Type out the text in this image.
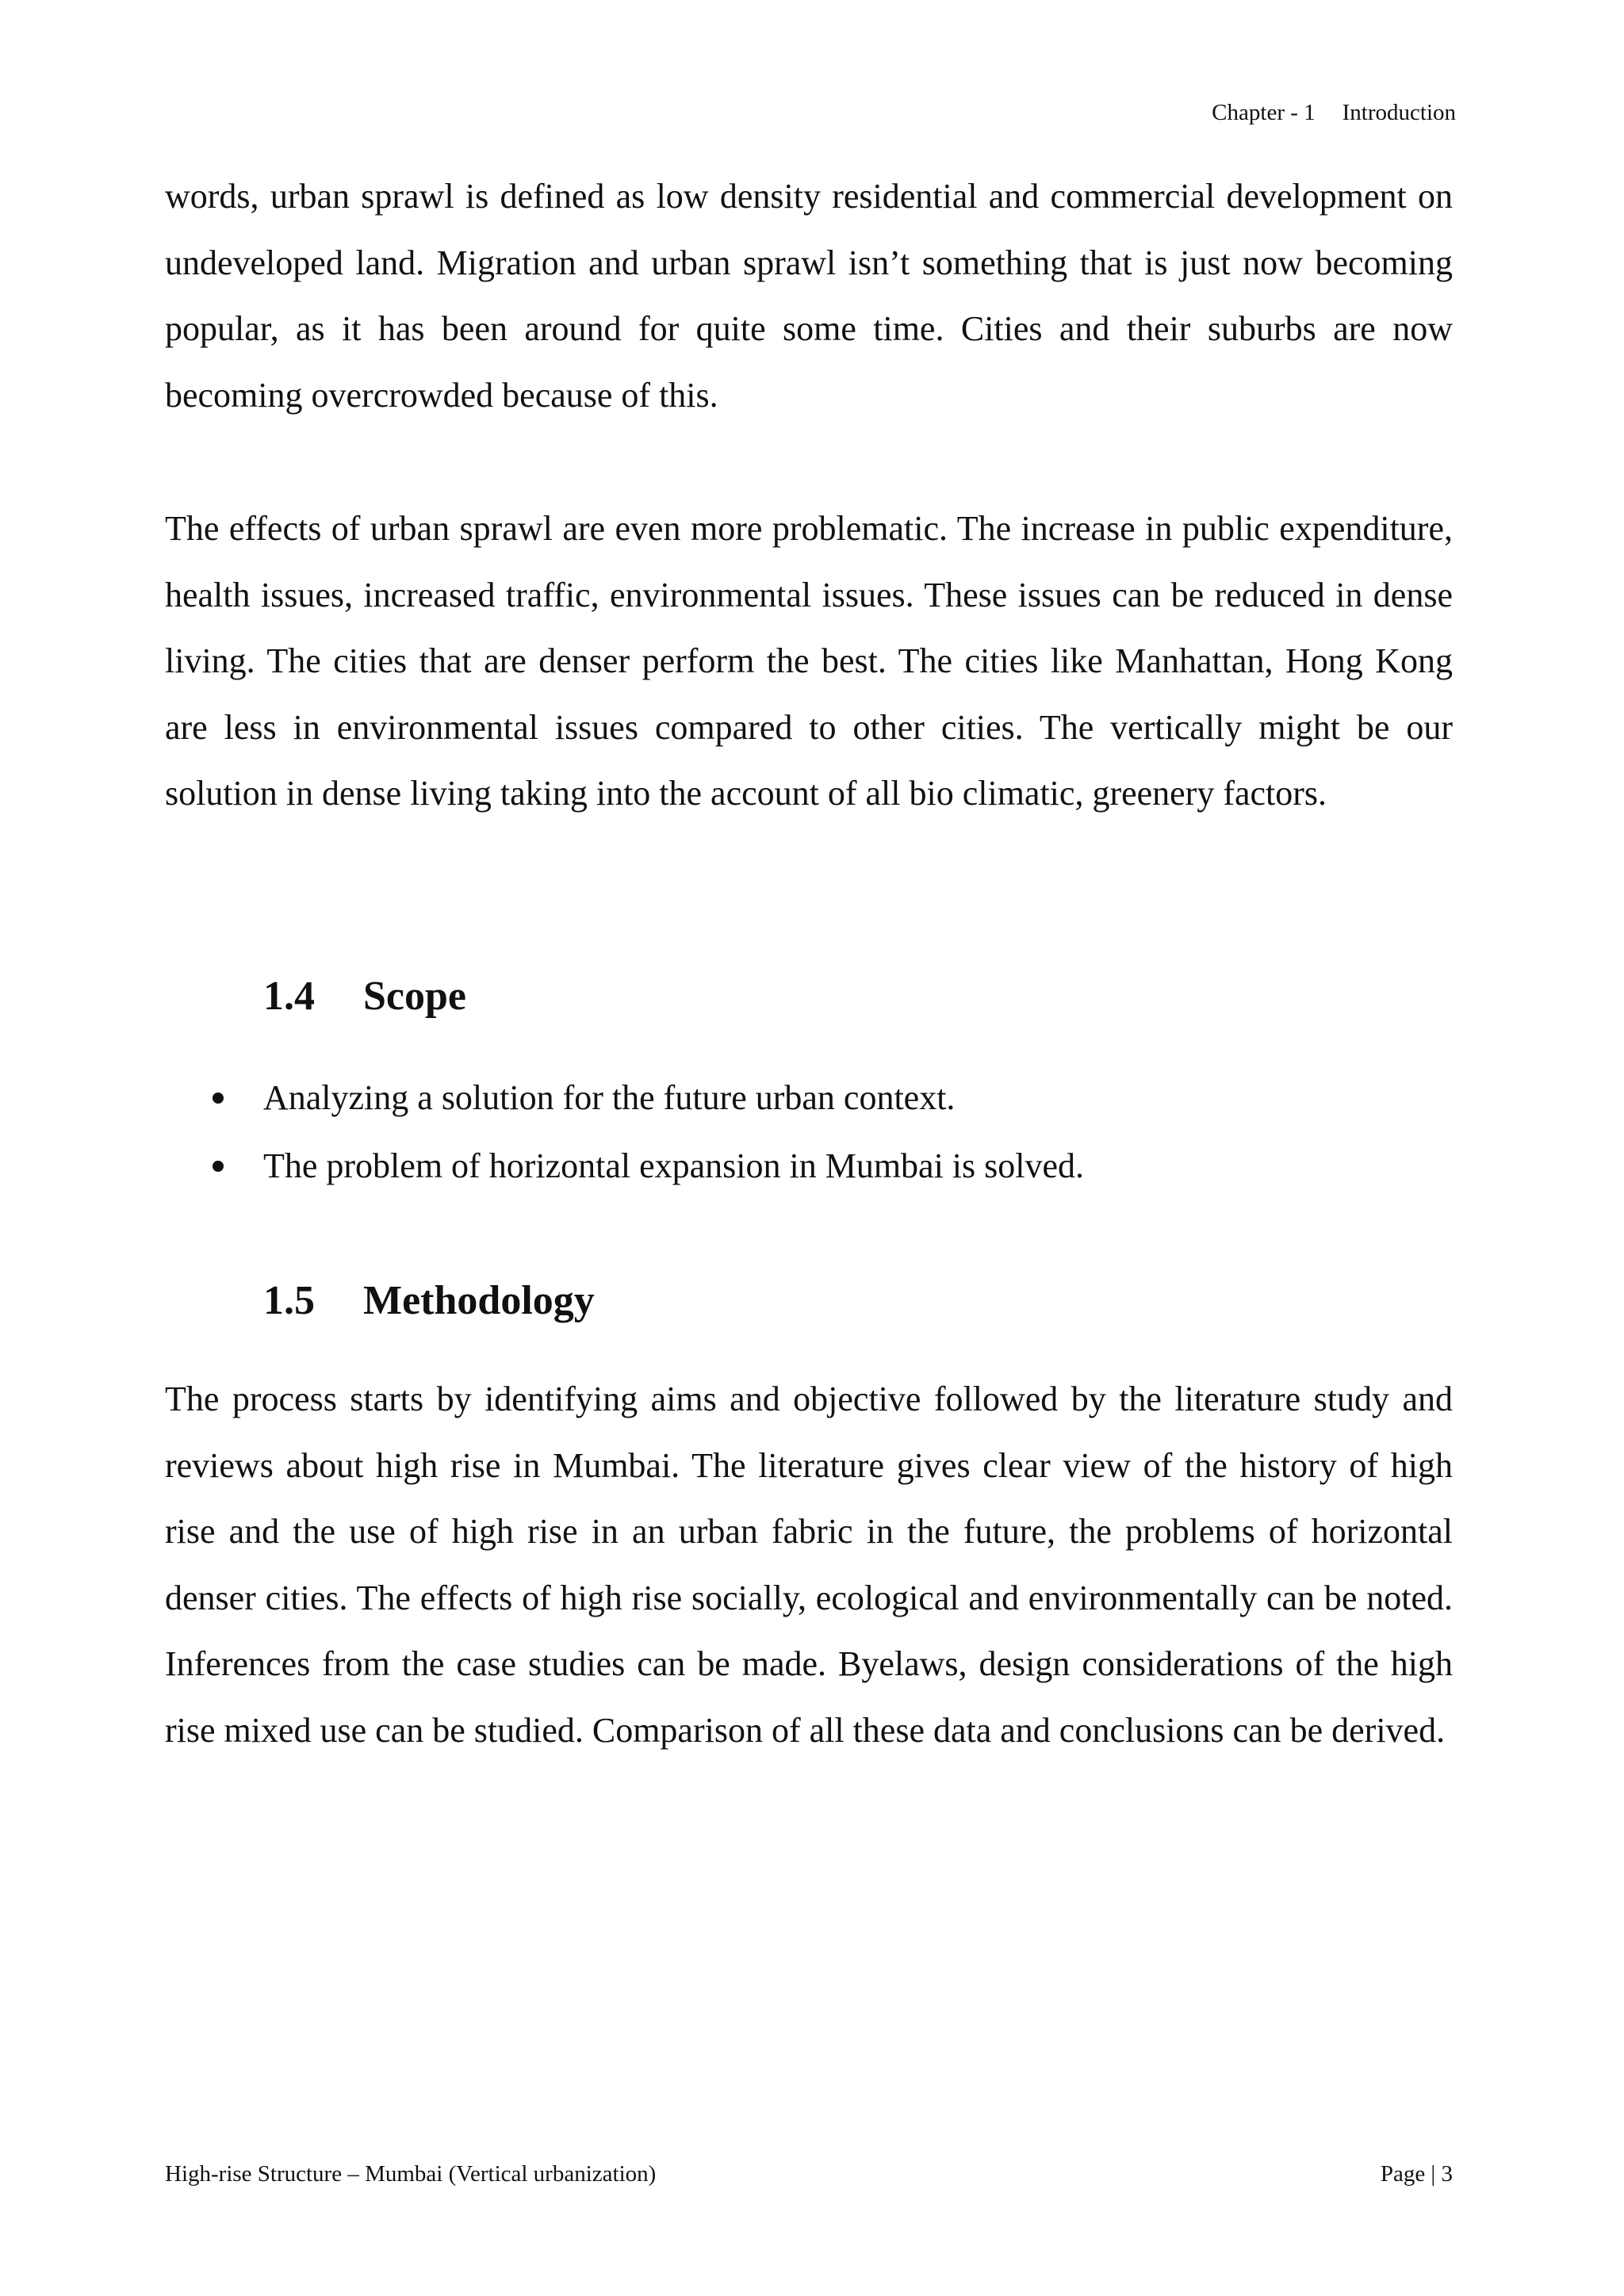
Chapter - 1 Introduction

words, urban sprawl is defined as low density residential and commercial development on undeveloped land. Migration and urban sprawl isn’t something that is just now becoming popular, as it has been around for quite some time. Cities and their suburbs are now becoming overcrowded because of this.

The effects of urban sprawl are even more problematic. The increase in public expenditure, health issues, increased traffic, environmental issues. These issues can be reduced in dense living. The cities that are denser perform the best. The cities like Manhattan, Hong Kong are less in environmental issues compared to other cities. The vertically might be our solution in dense living taking into the account of all bio climatic, greenery factors.

1.4 Scope
Analyzing a solution for the future urban context.
The problem of horizontal expansion in Mumbai is solved.
1.5 Methodology

The process starts by identifying aims and objective followed by the literature study and reviews about high rise in Mumbai. The literature gives clear view of the history of high rise and the use of high rise in an urban fabric in the future, the problems of horizontal denser cities. The effects of high rise socially, ecological and environmentally can be noted. Inferences from the case studies can be made. Byelaws, design considerations of the high rise mixed use can be studied. Comparison of all these data and conclusions can be derived.

High-rise Structure – Mumbai (Vertical urbanization)	Page | 3
